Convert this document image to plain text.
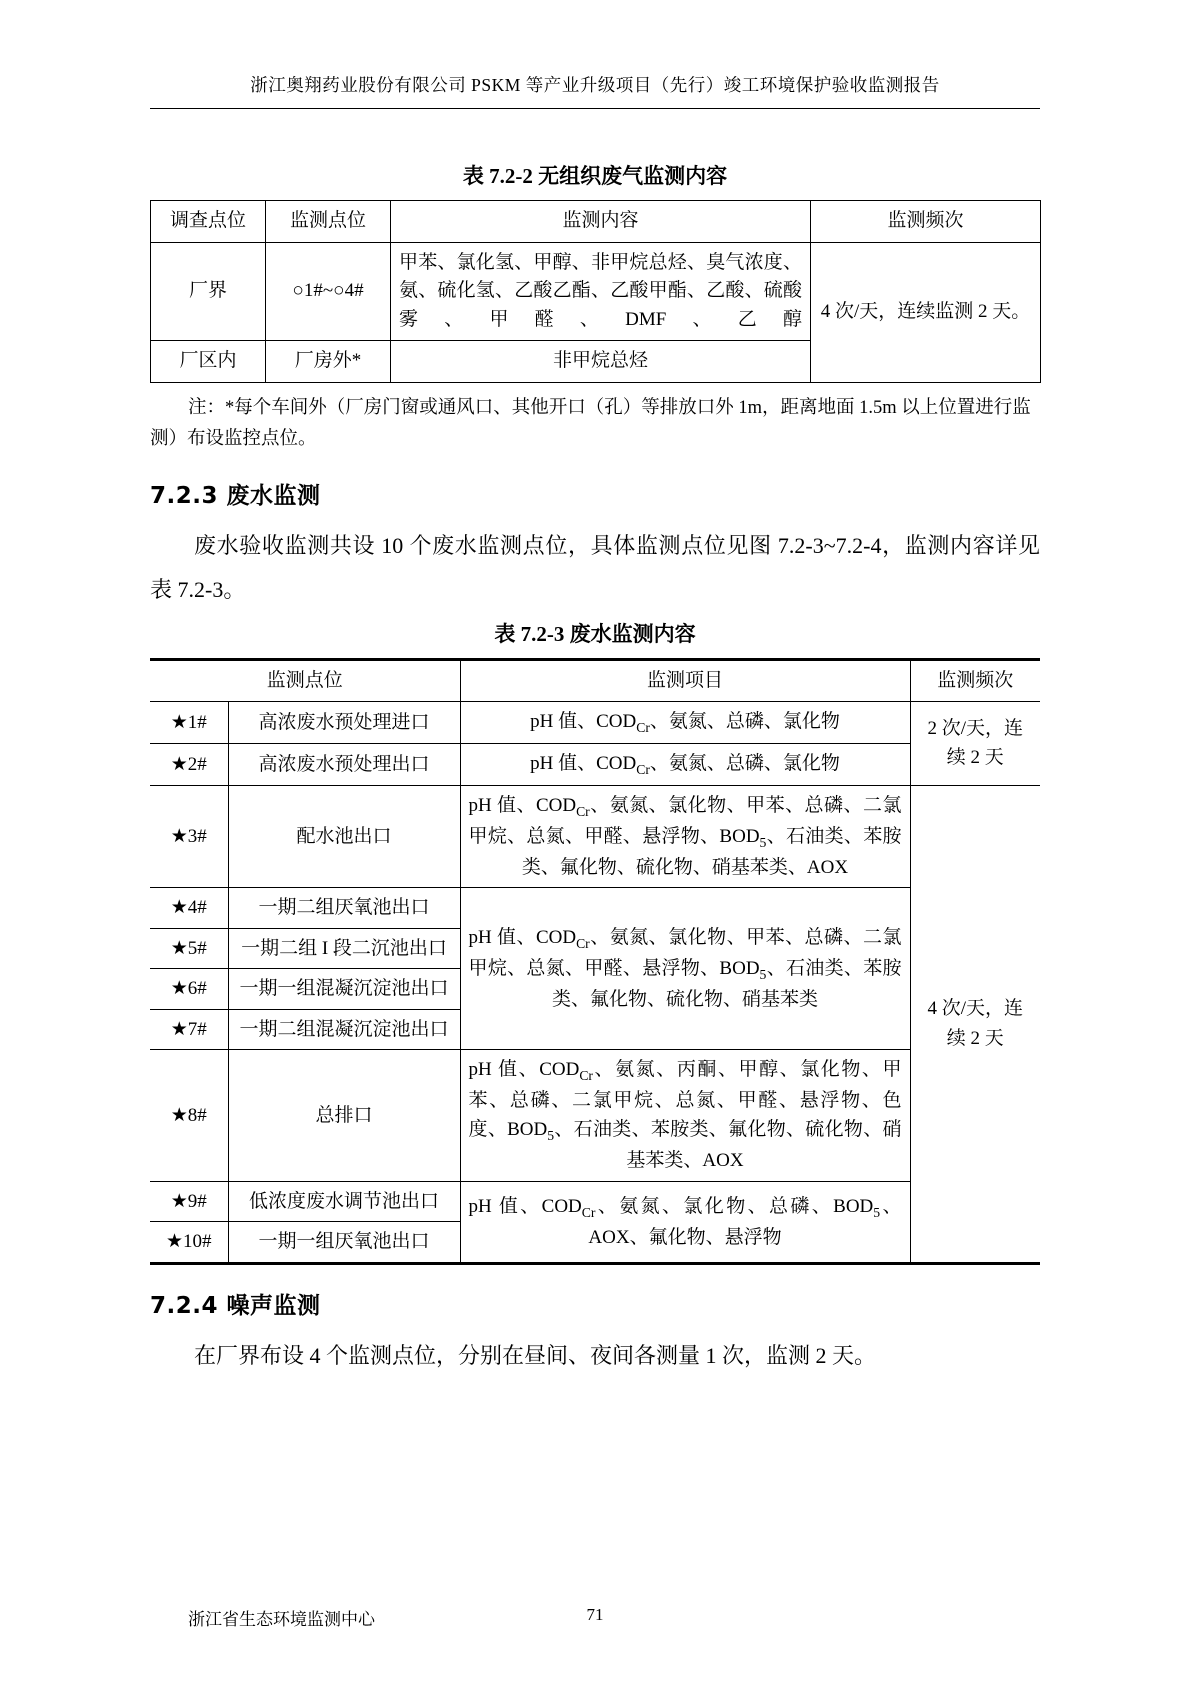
浙江奥翔药业股份有限公司 PSKM 等产业升级项目（先行）竣工环境保护验收监测报告
表 7.2-2 无组织废气监测内容
调查点位	监测点位	监测内容	监测频次
厂界	○1#~○4#	甲苯、氯化氢、甲醇、非甲烷总烃、臭气浓度、氨、硫化氢、乙酸乙酯、乙酸甲酯、乙酸、硫酸雾、甲醛、DMF、乙醇	4 次/天，连续监测 2 天。
厂区内	厂房外*	非甲烷总烃	

注：*每个车间外（厂房门窗或通风口、其他开口（孔）等排放口外 1m，距离地面 1.5m 以上位置进行监测）布设监控点位。

7.2.3 废水监测

废水验收监测共设 10 个废水监测点位，具体监测点位见图 7.2-3~7.2-4，监测内容详见表 7.2-3。

表 7.2-3 废水监测内容
监测点位		监测项目	监测频次
★1#	高浓废水预处理进口	pH 值、$COD_{Cr}$、氨氮、总磷、氯化物	2 次/天，连续 2 天
★2#	高浓废水预处理出口	pH 值、$COD_{Cr}$、氨氮、总磷、氯化物	
★3#	配水池出口	pH 值、$COD_{Cr}$、氨氮、氯化物、甲苯、总磷、二氯甲烷、总氮、甲醛、悬浮物、$BOD_5$、石油类、苯胺类、氟化物、硫化物、硝基苯类、AOX	4 次/天，连续 2 天
★4#	一期二组厌氧池出口	pH 值、$COD_{Cr}$、氨氮、氯化物、甲苯、总磷、二氯甲烷、总氮、甲醛、悬浮物、$BOD_5$、石油类、苯胺类、氟化物、硫化物、硝基苯类	
★5#	一期二组 I 段二沉池出口		
★6#	一期一组混凝沉淀池出口		
★7#	一期二组混凝沉淀池出口		
★8#	总排口	pH 值、$COD_{Cr}$、氨氮、丙酮、甲醇、氯化物、甲苯、总磷、二氯甲烷、总氮、甲醛、悬浮物、色度、$BOD_5$、石油类、苯胺类、氟化物、硫化物、硝基苯类、AOX	
★9#	低浓度废水调节池出口	pH 值、$COD_{Cr}$、氨氮、氯化物、总磷、$BOD_5$、AOX、氟化物、悬浮物	
★10#	一期一组厌氧池出口		
7.2.4 噪声监测

在厂界布设 4 个监测点位，分别在昼间、夜间各测量 1 次，监测 2 天。

浙江省生态环境监测中心	71
